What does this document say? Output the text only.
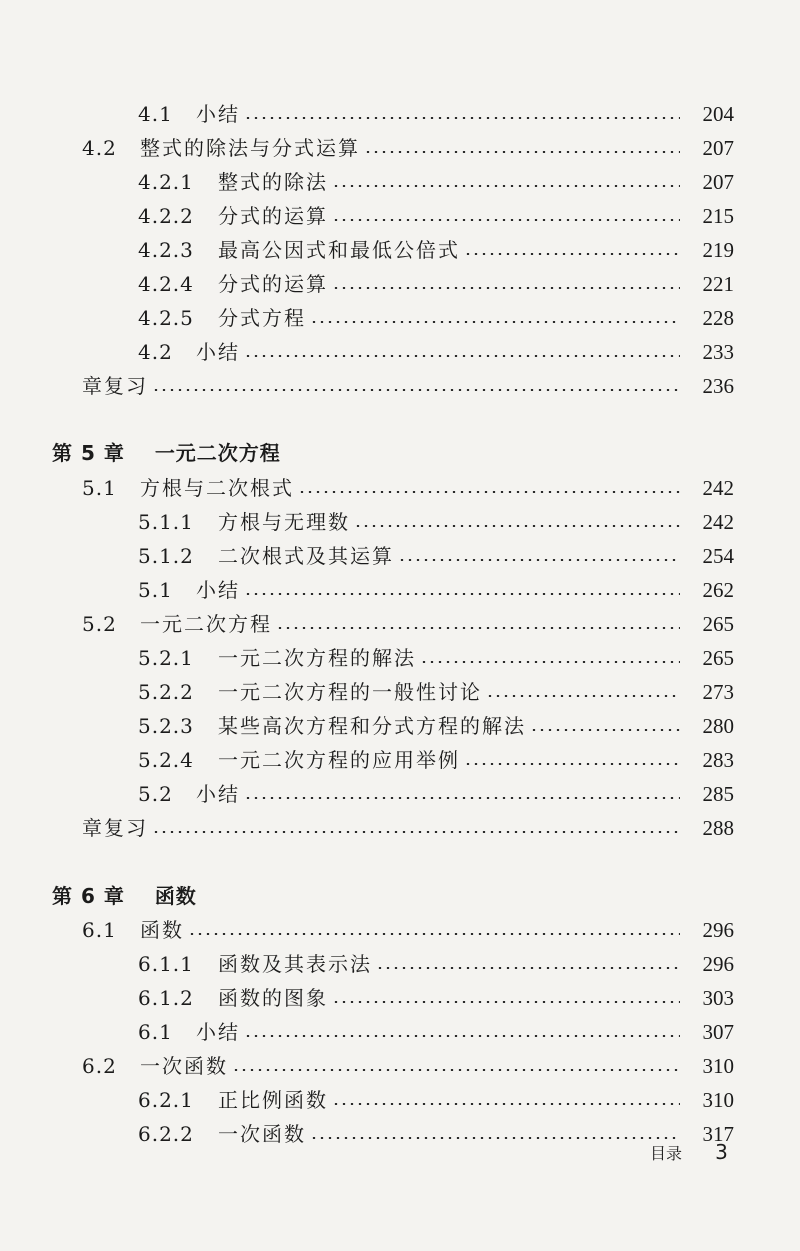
4.1	小结	204
4.2	整式的除法与分式运算	207
4.2.1	整式的除法	207
4.2.2	分式的运算	215
4.2.3	最高公因式和最低公倍式	219
4.2.4	分式的运算	221
4.2.5	分式方程	228
4.2	小结	233
章复习	236
第 5 章 一元二次方程
5.1	方根与二次根式	242
5.1.1	方根与无理数	242
5.1.2	二次根式及其运算	254
5.1	小结	262
5.2	一元二次方程	265
5.2.1	一元二次方程的解法	265
5.2.2	一元二次方程的一般性讨论	273
5.2.3	某些高次方程和分式方程的解法	280
5.2.4	一元二次方程的应用举例	283
5.2	小结	285
章复习	288
第 6 章 函数
6.1	函数	296
6.1.1	函数及其表示法	296
6.1.2	函数的图象	303
6.1	小结	307
6.2	一次函数	310
6.2.1	正比例函数	310
6.2.2	一次函数	317
目录 3
